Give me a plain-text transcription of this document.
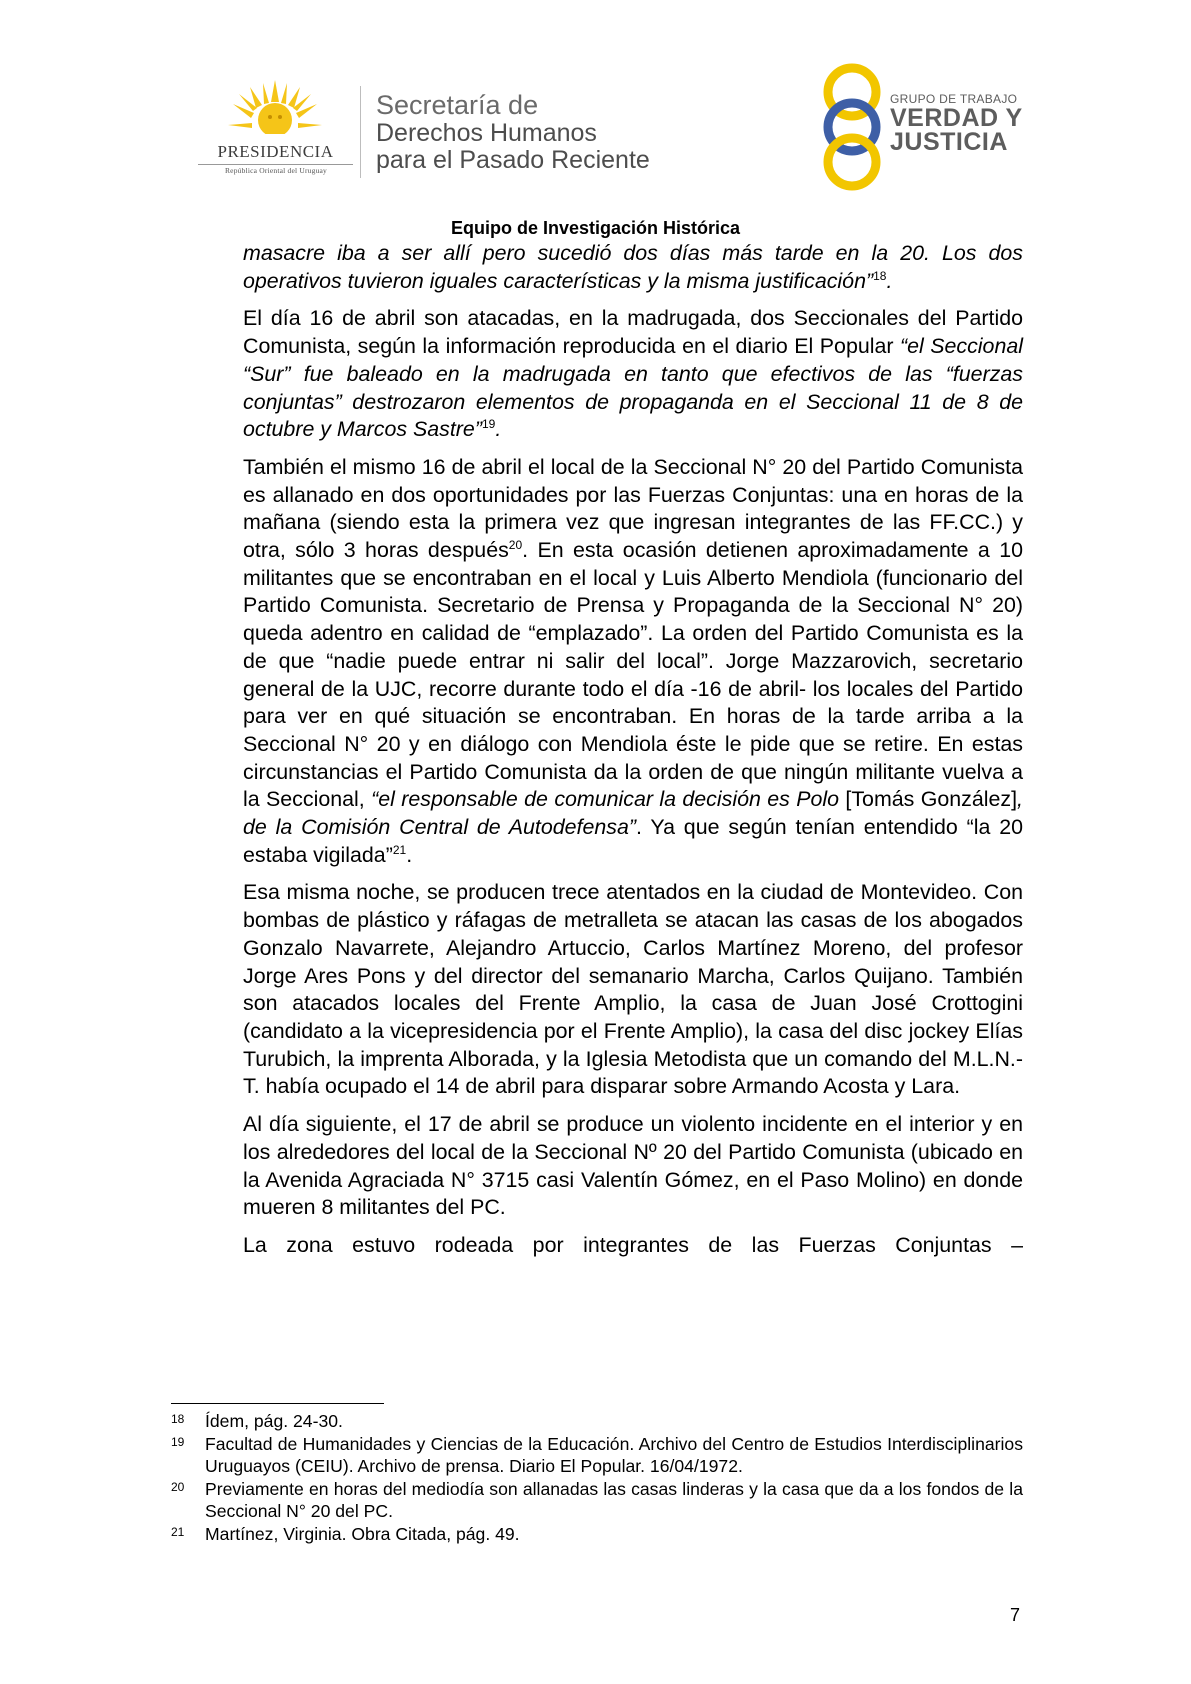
PRESIDENCIA
República Oriental del Uruguay
Secretaría de
Derechos Humanos
para el Pasado Reciente
GRUPO DE TRABAJO
VERDAD Y
JUSTICIA
Equipo de Investigación Histórica

masacre iba a ser allí pero sucedió dos días más tarde en la 20. Los dos operativos tuvieron iguales características y la misma justificación”$^{18}$.

El día 16 de abril son atacadas, en la madrugada, dos Seccionales del Partido Comunista, según la información reproducida en el diario El Popular “el Seccional “Sur” fue baleado en la madrugada en tanto que efectivos de las “fuerzas conjuntas” destrozaron elementos de propaganda en el Seccional 11 de 8 de octubre y Marcos Sastre”$^{19}$.

También el mismo 16 de abril el local de la Seccional N° 20 del Partido Comunista es allanado en dos oportunidades por las Fuerzas Conjuntas: una en horas de la mañana (siendo esta la primera vez que ingresan integrantes de las FF.CC.) y otra, sólo 3 horas después$^{20}$. En esta ocasión detienen aproximadamente a 10 militantes que se encontraban en el local y Luis Alberto Mendiola (funcionario del Partido Comunista. Secretario de Prensa y Propaganda de la Seccional N° 20) queda adentro en calidad de “emplazado”. La orden del Partido Comunista es la de que “nadie puede entrar ni salir del local”. Jorge Mazzarovich, secretario general de la UJC, recorre durante todo el día -16 de abril- los locales del Partido para ver en qué situación se encontraban. En horas de la tarde arriba a la Seccional N° 20 y en diálogo con Mendiola éste le pide que se retire. En estas circunstancias el Partido Comunista da la orden de que ningún militante vuelva a la Seccional, “el responsable de comunicar la decisión es Polo [Tomás González], de la Comisión Central de Autodefensa”. Ya que según tenían entendido “la 20 estaba vigilada”$^{21}$.

Esa misma noche, se producen trece atentados en la ciudad de Montevideo. Con bombas de plástico y ráfagas de metralleta se atacan las casas de los abogados Gonzalo Navarrete, Alejandro Artuccio, Carlos Martínez Moreno, del profesor Jorge Ares Pons y del director del semanario Marcha, Carlos Quijano. También son atacados locales del Frente Amplio, la casa de Juan José Crottogini (candidato a la vicepresidencia por el Frente Amplio), la casa del disc jockey Elías Turubich, la imprenta Alborada, y la Iglesia Metodista que un comando del M.L.N.-T. había ocupado el 14 de abril para disparar sobre Armando Acosta y Lara.

Al día siguiente, el 17 de abril se produce un violento incidente en el interior y en los alrededores del local de la Seccional Nº 20 del Partido Comunista (ubicado en la Avenida Agraciada N° 3715 casi Valentín Gómez, en el Paso Molino) en donde mueren 8 militantes del PC.

La zona estuvo rodeada por integrantes de las Fuerzas Conjuntas –

18	Ídem, pág. 24-30.
19	Facultad de Humanidades y Ciencias de la Educación. Archivo del Centro de Estudios Interdisciplinarios Uruguayos (CEIU). Archivo de prensa. Diario El Popular. 16/04/1972.
20	Previamente en horas del mediodía son allanadas las casas linderas y la casa que da a los fondos de la Seccional N° 20 del PC.
21	Martínez, Virginia. Obra Citada, pág. 49.
7
